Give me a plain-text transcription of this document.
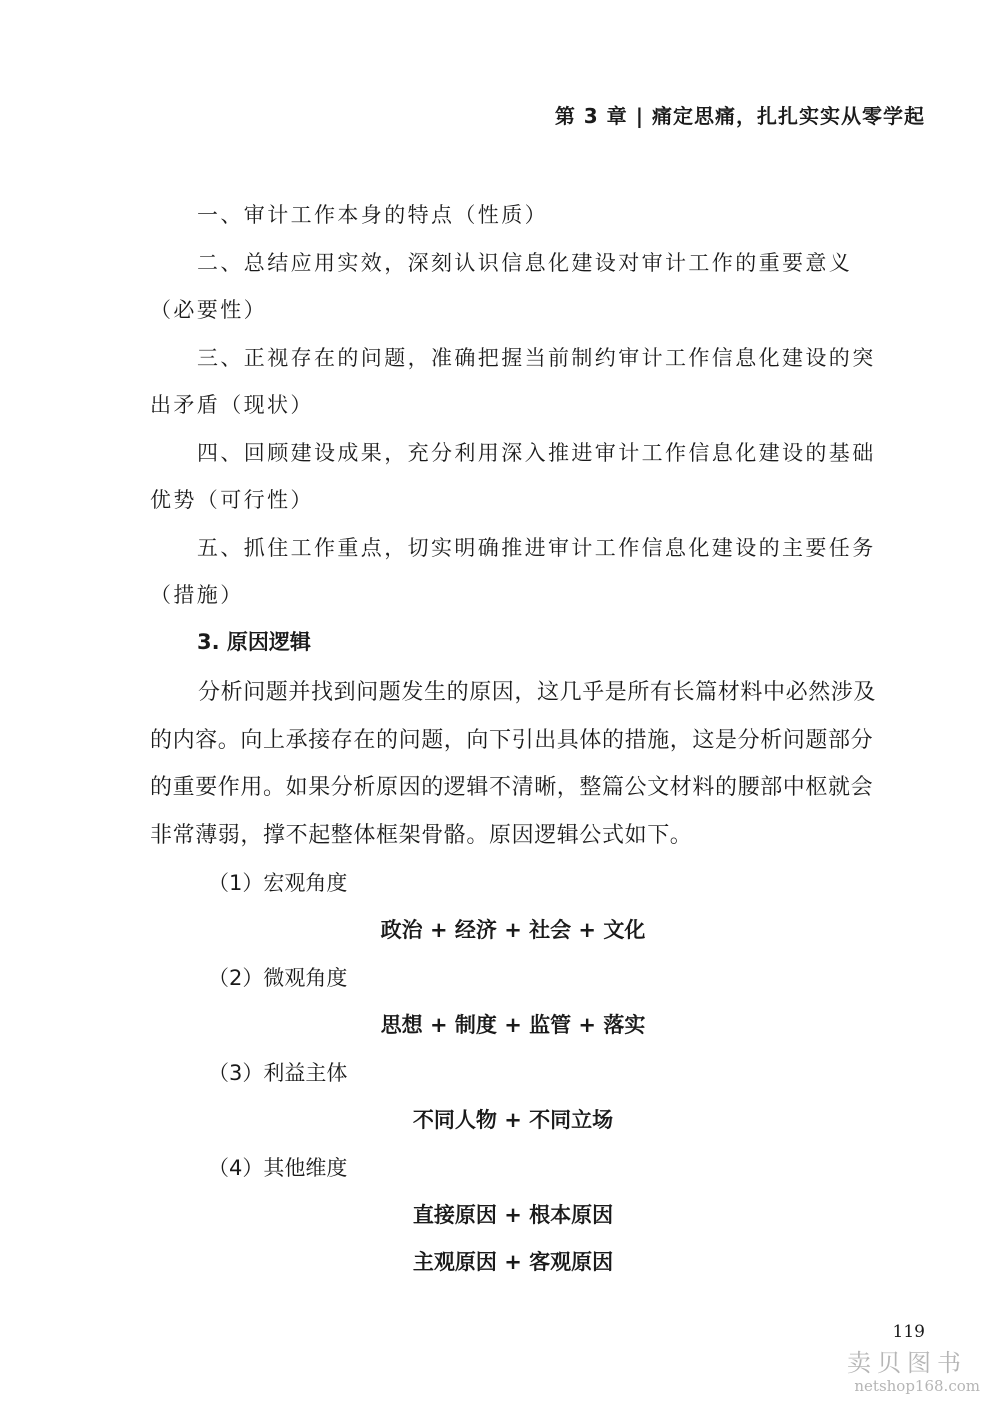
第 3 章 | 痛定思痛，扎扎实实从零学起

一、审计工作本身的特点（性质）

二、总结应用实效，深刻认识信息化建设对审计工作的重要意义（必要性）

三、正视存在的问题，准确把握当前制约审计工作信息化建设的突出矛盾（现状）

四、回顾建设成果，充分利用深入推进审计工作信息化建设的基础优势（可行性）

五、抓住工作重点，切实明确推进审计工作信息化建设的主要任务（措施）

3. 原因逻辑

分析问题并找到问题发生的原因，这几乎是所有长篇材料中必然涉及的内容。向上承接存在的问题，向下引出具体的措施，这是分析问题部分的重要作用。如果分析原因的逻辑不清晰，整篇公文材料的腰部中枢就会非常薄弱，撑不起整体框架骨骼。原因逻辑公式如下。

（1）宏观角度
政治 + 经济 + 社会 + 文化
（2）微观角度
思想 + 制度 + 监管 + 落实
（3）利益主体
不同人物 + 不同立场
（4）其他维度
直接原因 + 根本原因
主观原因 + 客观原因
119
卖贝图书
netshop168.com
